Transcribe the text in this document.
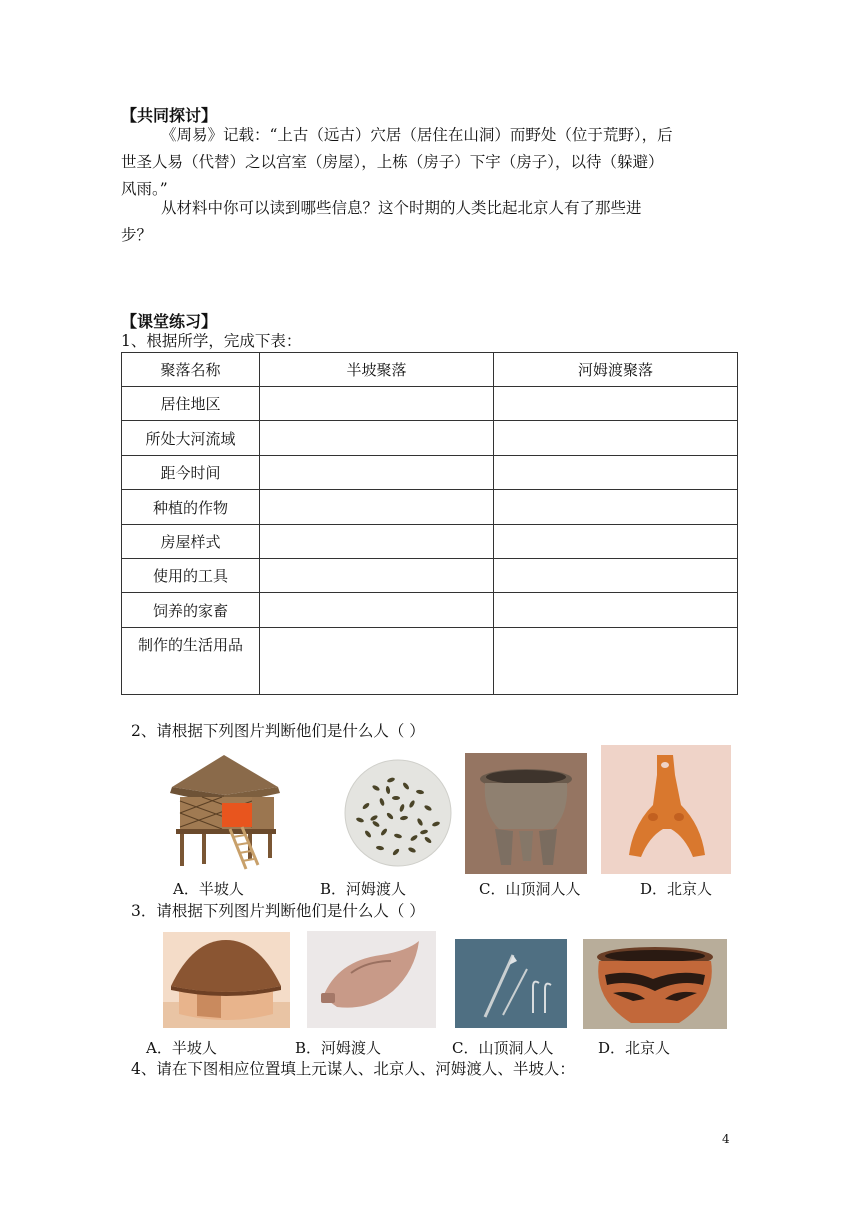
【共同探讨】
《周易》记载：“上古（远古）穴居（居住在山洞）而野处（位于荒野），后
世圣人易（代替）之以宫室（房屋），上栋（房子）下宇（房子），以待（躲避）
风雨。”
从材料中你可以读到哪些信息？这个时期的人类比起北京人有了那些进
步？
【课堂练习】
1、根据所学，完成下表：
聚落名称	半坡聚落	河姆渡聚落
居住地区		
所处大河流域		
距今时间		
种植的作物		
房屋样式		
使用的工具		
饲养的家畜		
制作的生活用品		
2、请根据下列图片判断他们是什么人（ ）
A．半坡人	B．河姆渡人	C．山顶洞人人	D．北京人
3．请根据下列图片判断他们是什么人（ ）
A．半坡人	B．河姆渡人	C．山顶洞人人	D．北京人
4、请在下图相应位置填上元谋人、北京人、河姆渡人、半坡人：
4
